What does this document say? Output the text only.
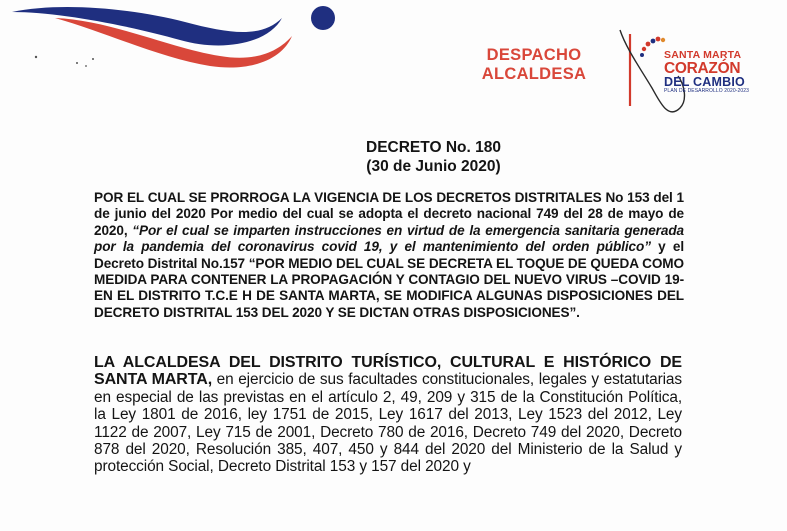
DESPACHO
ALCALDESA
SANTA MARTA
CORAZÓN
DEL CAMBIO
PLAN DE DESARROLLO 2020-2023
DECRETO No. 180
(30 de Junio 2020)
POR EL CUAL SE PRORROGA LA VIGENCIA DE LOS DECRETOS DISTRITALES No 153 del 1 de junio del 2020 Por medio del cual se adopta el decreto nacional 749 del 28 de mayo de 2020, “Por el cual se imparten instrucciones en virtud de la emergencia sanitaria generada por la pandemia del coronavirus covid 19, y el mantenimiento del orden público” y el Decreto Distrital No.157 “POR MEDIO DEL CUAL SE DECRETA EL TOQUE DE QUEDA COMO MEDIDA PARA CONTENER LA PROPAGACIÓN Y CONTAGIO DEL NUEVO VIRUS –COVID 19- EN EL DISTRITO T.C.E H DE SANTA MARTA, SE MODIFICA ALGUNAS DISPOSICIONES DEL DECRETO DISTRITAL 153 DEL 2020 Y SE DICTAN OTRAS DISPOSICIONES”.
LA ALCALDESA DEL DISTRITO TURÍSTICO, CULTURAL E HISTÓRICO DE SANTA MARTA, en ejercicio de sus facultades constitucionales, legales y estatutarias en especial de las previstas en el artículo 2, 49, 209 y 315 de la Constitución Política, la Ley 1801 de 2016, ley 1751 de 2015, Ley 1617 del 2013, Ley 1523 del 2012, Ley 1122 de 2007, Ley 715 de 2001, Decreto 780 de 2016, Decreto 749 del 2020, Decreto 878 del 2020, Resolución 385, 407, 450 y 844 del 2020 del Ministerio de la Salud y protección Social, Decreto Distrital 153 y 157 del 2020 y
